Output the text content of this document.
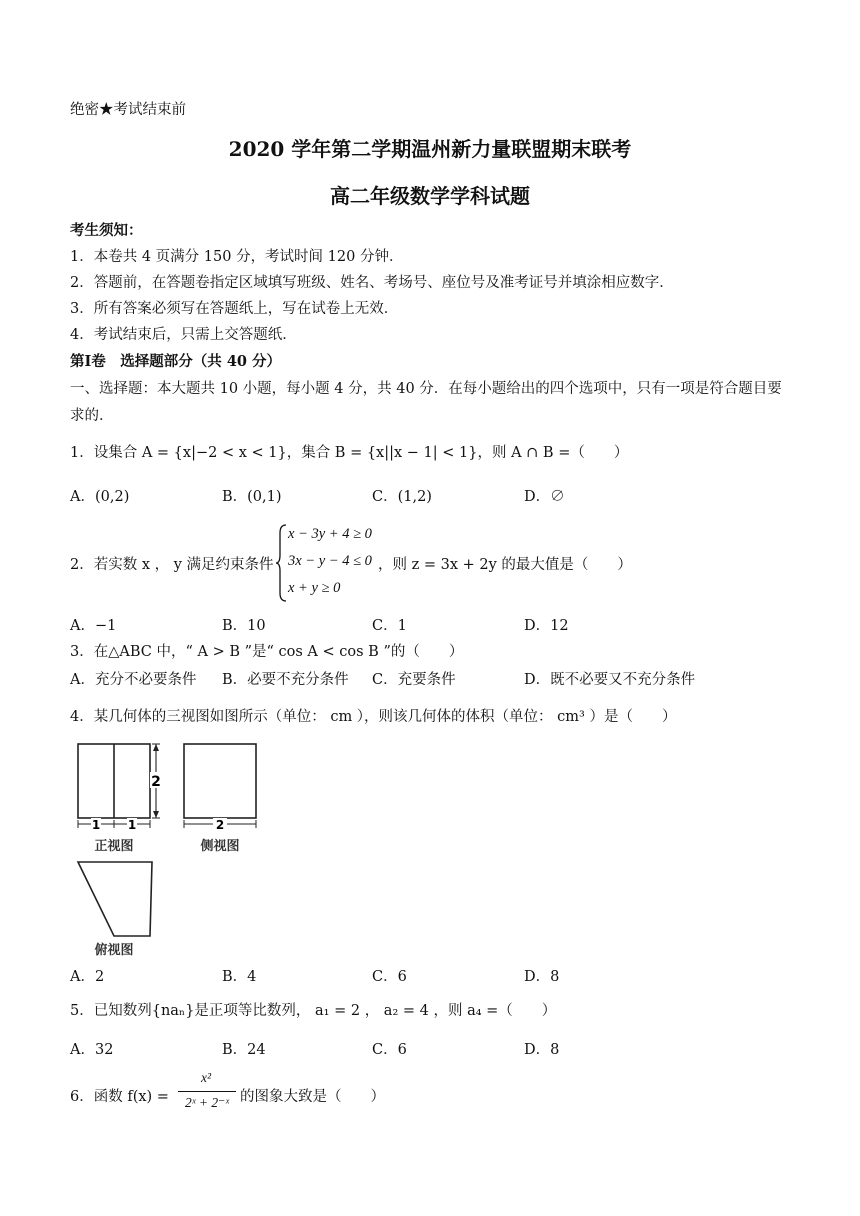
绝密★考试结束前
2020 学年第二学期温州新力量联盟期末联考
高二年级数学学科试题
考生须知：
1．本卷共 4 页满分 150 分，考试时间 120 分钟．
2．答题前，在答题卷指定区域填写班级、姓名、考场号、座位号及准考证号并填涂相应数字．
3．所有答案必须写在答题纸上，写在试卷上无效．
4．考试结束后，只需上交答题纸．
第Ⅰ卷　选择题部分（共 40 分）
一、选择题：本大题共 10 小题，每小题 4 分，共 40 分．在每小题给出的四个选项中，只有一项是符合题目要
求的．
1．设集合 A = {x|−2 < x < 1}，集合 B = {x||x − 1| < 1}，则 A ∩ B =（　　）
A．(0,2)	B．(0,1)	C．(1,2)	D．∅
2．若实数 x ， y 满足约束条件
x − 3y + 4 ≥ 0
3x − y − 4 ≤ 0
x + y ≥ 0
，则 z = 3x + 2y 的最大值是（　　）
A．−1	B．10	C．1	D．12
3．在△ABC 中，“ A > B ”是“ cos A < cos B ”的（　　）
A．充分不必要条件 B．必要不充分条件 C．充要条件	D．既不必要又不充分条件
4．某几何体的三视图如图所示（单位： cm ），则该几何体的体积（单位： cm³ ）是（　　）
2
1 1
正视图
2
侧视图
俯视图
A．2	B．4	C．6	D．8
5．已知数列{naₙ}是正项等比数列， a₁ = 2 ， a₂ = 4 ，则 a₄ =（　　）
A．32	B．24	C．6	D．8
6．函数 f(x) =
x²
2ˣ + 2⁻ˣ 的图象大致是（　　）
